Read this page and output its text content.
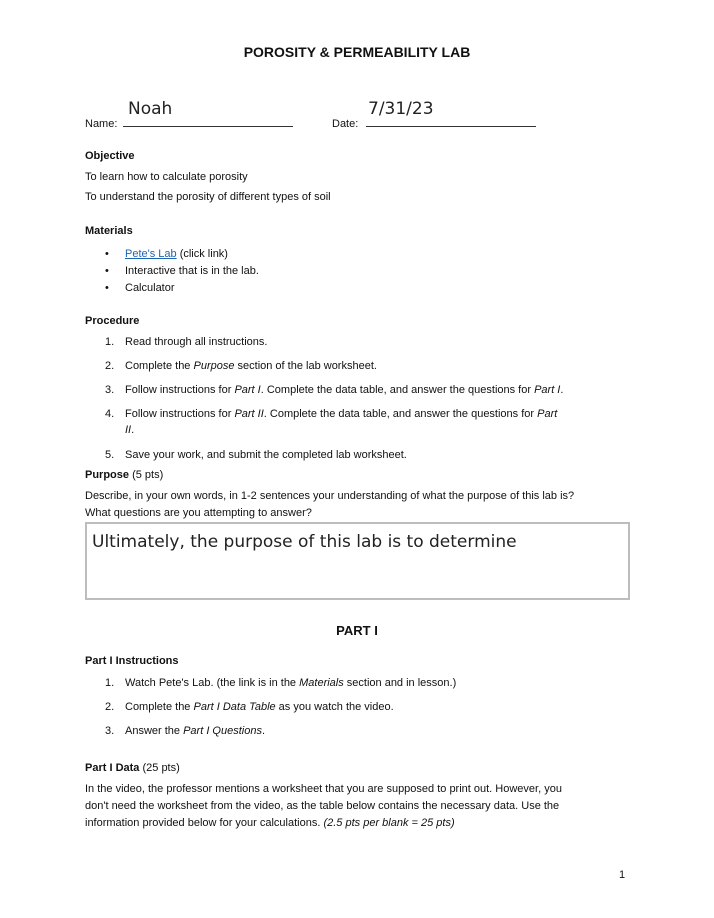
POROSITY & PERMEABILITY LAB
Name:
Noah
Date:
7/31/23
Objective
To learn how to calculate porosity
To understand the porosity of different types of soil
Materials
• Pete's Lab (click link)
• Interactive that is in the lab.
• Calculator
Procedure
1. Read through all instructions.
2. Complete the Purpose section of the lab worksheet.
3. Follow instructions for Part I. Complete the data table, and answer the questions for Part I.
4. Follow instructions for Part II. Complete the data table, and answer the questions for Part
II.
5. Save your work, and submit the completed lab worksheet.
Purpose (5 pts)
Describe, in your own words, in 1-2 sentences your understanding of what the purpose of this lab is?
What questions are you attempting to answer?
Ultimately, the purpose of this lab is to determine
PART I
Part I Instructions
1. Watch Pete's Lab. (the link is in the Materials section and in lesson.)
2. Complete the Part I Data Table as you watch the video.
3. Answer the Part I Questions.
Part I Data (25 pts)
In the video, the professor mentions a worksheet that you are supposed to print out. However, you
don't need the worksheet from the video, as the table below contains the necessary data. Use the
information provided below for your calculations. (2.5 pts per blank = 25 pts)
1
